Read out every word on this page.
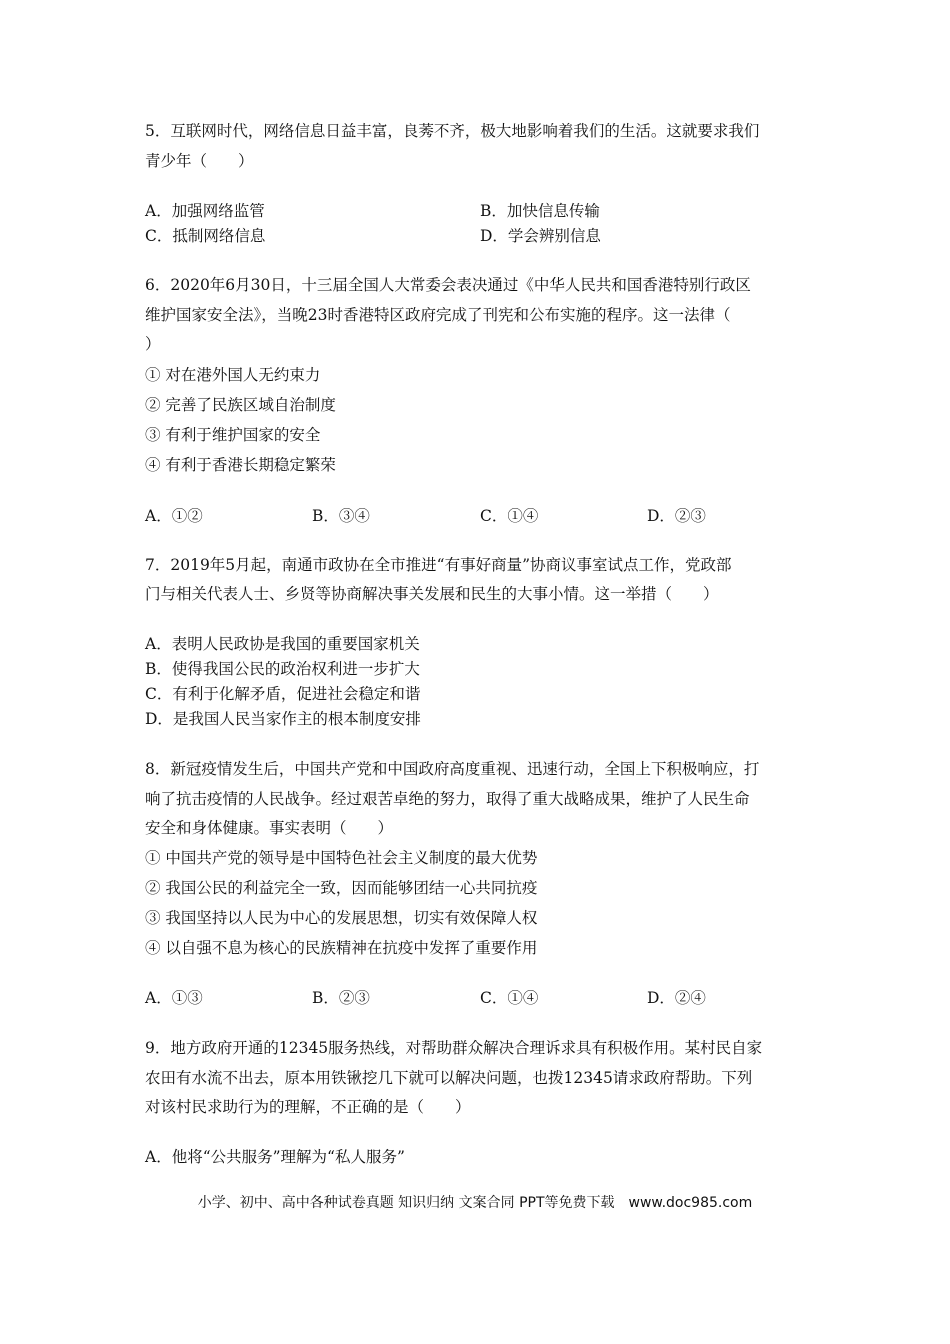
5．互联网时代，网络信息日益丰富，良莠不齐，极大地影响着我们的生活。这就要求我们
青少年（　　）
A．加强网络监管	B．加快信息传输
C．抵制网络信息	D．学会辨别信息
6．2020年6月30日，十三届全国人大常委会表决通过《中华人民共和国香港特别行政区
维护国家安全法》，当晚23时香港特区政府完成了刊宪和公布实施的程序。这一法律（
）
① 对在港外国人无约束力
② 完善了民族区域自治制度
③ 有利于维护国家的安全
④ 有利于香港长期稳定繁荣
A．①②	B．③④	C．①④	D．②③
7．2019年5月起，南通市政协在全市推进“有事好商量”协商议事室试点工作，党政部
门与相关代表人士、乡贤等协商解决事关发展和民生的大事小情。这一举措（　　）
A．表明人民政协是我国的重要国家机关
B．使得我国公民的政治权利进一步扩大
C．有利于化解矛盾，促进社会稳定和谐
D．是我国人民当家作主的根本制度安排
8．新冠疫情发生后，中国共产党和中国政府高度重视、迅速行动，全国上下积极响应，打
响了抗击疫情的人民战争。经过艰苦卓绝的努力，取得了重大战略成果，维护了人民生命
安全和身体健康。事实表明（　　）
① 中国共产党的领导是中国特色社会主义制度的最大优势
② 我国公民的利益完全一致，因而能够团结一心共同抗疫
③ 我国坚持以人民为中心的发展思想，切实有效保障人权
④ 以自强不息为核心的民族精神在抗疫中发挥了重要作用
A．①③	B．②③	C．①④	D．②④
9．地方政府开通的12345服务热线，对帮助群众解决合理诉求具有积极作用。某村民自家
农田有水流不出去，原本用铁锹挖几下就可以解决问题，也拨12345请求政府帮助。下列
对该村民求助行为的理解，不正确的是（　　）
A．他将“公共服务”理解为“私人服务”
小学、初中、高中各种试卷真题 知识归纳 文案合同 PPT等免费下载　www.doc985.com
